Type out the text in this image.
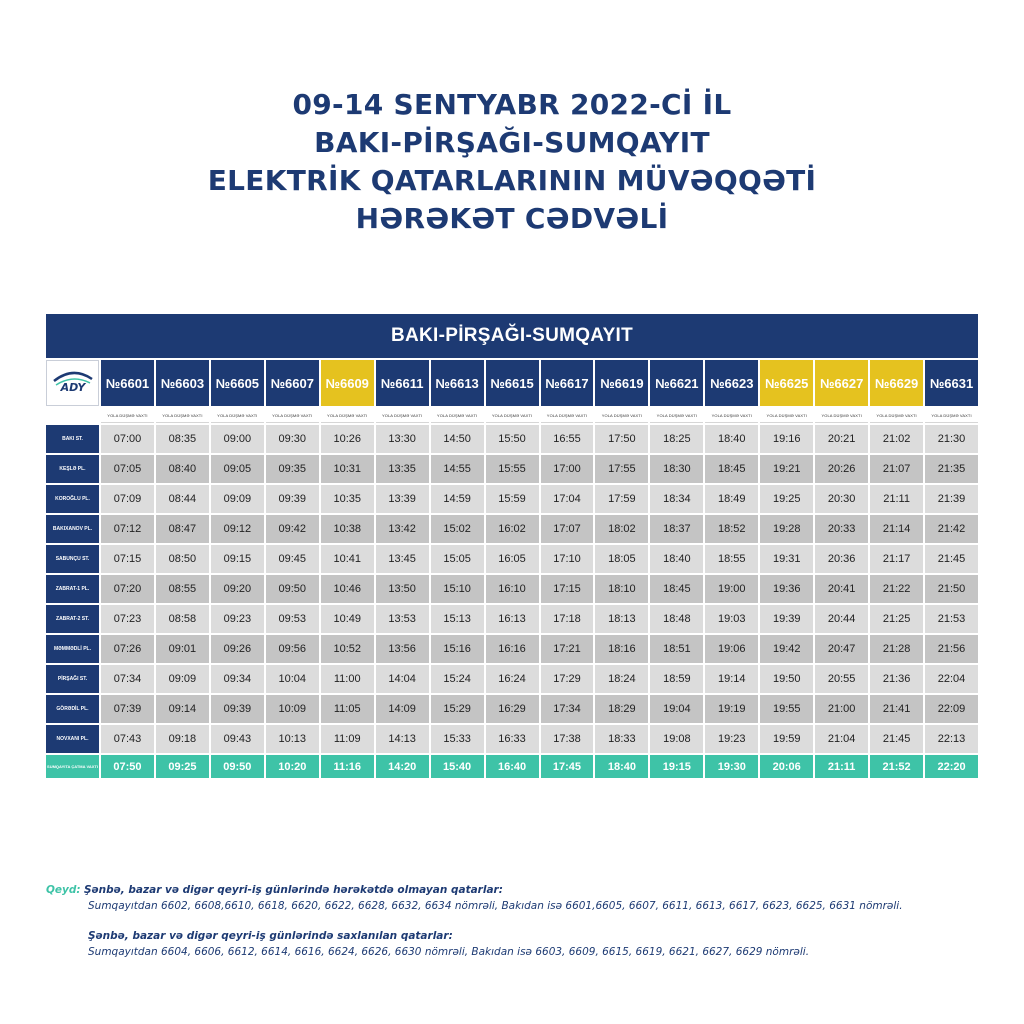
09-14 SENTYABR 2022-Cİ İL
BAKI-PİRŞAĞI-SUMQAYIT
ELEKTRİK QATARLARININ MÜVƏQQƏTİ
HƏRƏKƏT CƏDVƏLİ
BAKI-PİRŞAĞI-SUMQAYIT
ADY	№6601	№6603	№6605	№6607	№6609	№6611	№6613	№6615	№6617	№6619	№6621	№6623	№6625	№6627	№6629	№6631
	YOLA DÜŞMƏ VAXTI	YOLA DÜŞMƏ VAXTI	YOLA DÜŞMƏ VAXTI	YOLA DÜŞMƏ VAXTI	YOLA DÜŞMƏ VAXTI	YOLA DÜŞMƏ VAXTI	YOLA DÜŞMƏ VAXTI	YOLA DÜŞMƏ VAXTI	YOLA DÜŞMƏ VAXTI	YOLA DÜŞMƏ VAXTI	YOLA DÜŞMƏ VAXTI	YOLA DÜŞMƏ VAXTI	YOLA DÜŞMƏ VAXTI	YOLA DÜŞMƏ VAXTI	YOLA DÜŞMƏ VAXTI	YOLA DÜŞMƏ VAXTI
BAKI ST.	07:00	08:35	09:00	09:30	10:26	13:30	14:50	15:50	16:55	17:50	18:25	18:40	19:16	20:21	21:02	21:30
KEŞLƏ PL.	07:05	08:40	09:05	09:35	10:31	13:35	14:55	15:55	17:00	17:55	18:30	18:45	19:21	20:26	21:07	21:35
KOROĞLU PL.	07:09	08:44	09:09	09:39	10:35	13:39	14:59	15:59	17:04	17:59	18:34	18:49	19:25	20:30	21:11	21:39
BAKIXANOV PL.	07:12	08:47	09:12	09:42	10:38	13:42	15:02	16:02	17:07	18:02	18:37	18:52	19:28	20:33	21:14	21:42
SABUNÇU ST.	07:15	08:50	09:15	09:45	10:41	13:45	15:05	16:05	17:10	18:05	18:40	18:55	19:31	20:36	21:17	21:45
ZABRAT-1 PL.	07:20	08:55	09:20	09:50	10:46	13:50	15:10	16:10	17:15	18:10	18:45	19:00	19:36	20:41	21:22	21:50
ZABRAT-2 ST.	07:23	08:58	09:23	09:53	10:49	13:53	15:13	16:13	17:18	18:13	18:48	19:03	19:39	20:44	21:25	21:53
MƏMMƏDLİ PL.	07:26	09:01	09:26	09:56	10:52	13:56	15:16	16:16	17:21	18:16	18:51	19:06	19:42	20:47	21:28	21:56
PİRŞAĞI ST.	07:34	09:09	09:34	10:04	11:00	14:04	15:24	16:24	17:29	18:24	18:59	19:14	19:50	20:55	21:36	22:04
GÖRƏDİL PL.	07:39	09:14	09:39	10:09	11:05	14:09	15:29	16:29	17:34	18:29	19:04	19:19	19:55	21:00	21:41	22:09
NOVXANI PL.	07:43	09:18	09:43	10:13	11:09	14:13	15:33	16:33	17:38	18:33	19:08	19:23	19:59	21:04	21:45	22:13
SUMQAYITA ÇATMA VAXTI	07:50	09:25	09:50	10:20	11:16	14:20	15:40	16:40	17:45	18:40	19:15	19:30	20:06	21:11	21:52	22:20
Qeyd: Şənbə, bazar və digər qeyri-iş günlərində hərəkətdə olmayan qatarlar:
Sumqayıtdan 6602, 6608,6610, 6618, 6620, 6622, 6628, 6632, 6634 nömrəli, Bakıdan isə 6601,6605, 6607, 6611, 6613, 6617, 6623, 6625, 6631 nömrəli.
Şənbə, bazar və digər qeyri-iş günlərində saxlanılan qatarlar:
Sumqayıtdan 6604, 6606, 6612, 6614, 6616, 6624, 6626, 6630 nömrəli, Bakıdan isə 6603, 6609, 6615, 6619, 6621, 6627, 6629 nömrəli.
